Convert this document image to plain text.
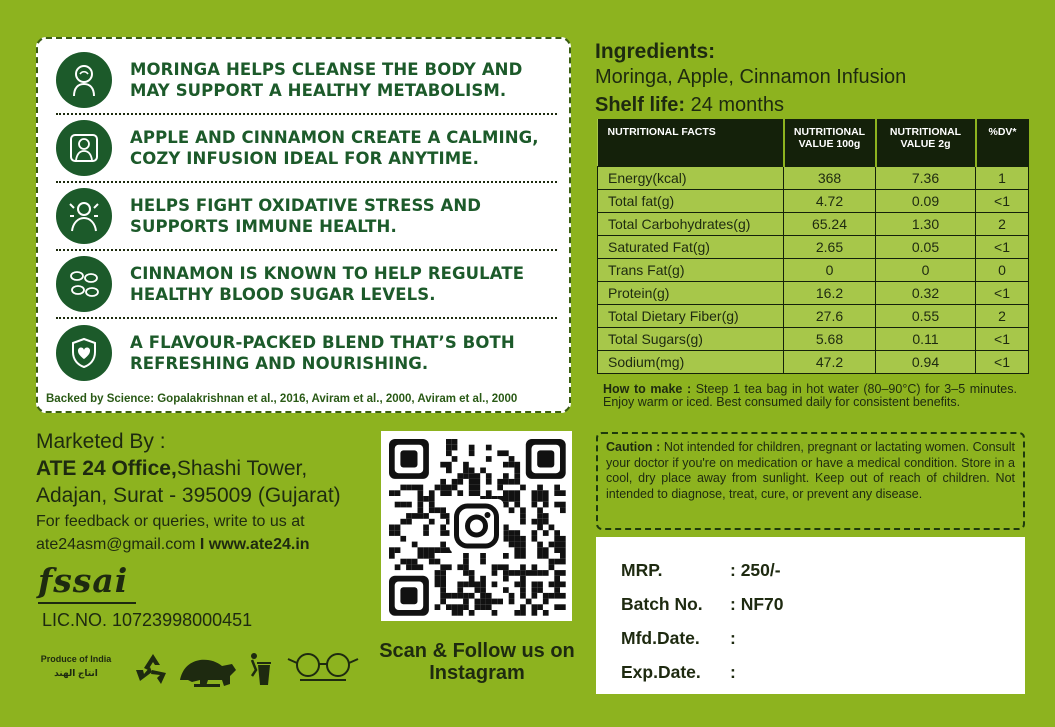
MORINGA HELPS CLEANSE THE BODY AND MAY SUPPORT A HEALTHY METABOLISM.
APPLE AND CINNAMON CREATE A CALMING, COZY INFUSION IDEAL FOR ANYTIME.
HELPS FIGHT OXIDATIVE STRESS AND SUPPORTS IMMUNE HEALTH.
CINNAMON IS KNOWN TO HELP REGULATE HEALTHY BLOOD SUGAR LEVELS.
A FLAVOUR-PACKED BLEND THAT’S BOTH REFRESHING AND NOURISHING.
Backed by Science: Gopalakrishnan et al., 2016, Aviram et al., 2000, Aviram et al., 2000
Ingredients:
Moringa, Apple, Cinnamon Infusion
Shelf life: 24 months
NUTRITIONAL FACTS	NUTRITIONAL VALUE 100g	NUTRITIONAL VALUE 2g	%DV*
Energy(kcal)	368	7.36	1
Total fat(g)	4.72	0.09	<1
Total Carbohydrates(g)	65.24	1.30	2
Saturated Fat(g)	2.65	0.05	<1
Trans Fat(g)	0	0	0
Protein(g)	16.2	0.32	<1
Total Dietary Fiber(g)	27.6	0.55	2
Total Sugars(g)	5.68	0.11	<1
Sodium(mg)	47.2	0.94	<1
How to make : Steep 1 tea bag in hot water (80–90°C) for 3–5 minutes. Enjoy warm or iced. Best consumed daily for consistent benefits.
Caution : Not intended for children, pregnant or lactating women. Consult your doctor if you're on medication or have a medical condition. Store in a cool, dry place away from sunlight. Keep out of reach of children. Not intended to diagnose, treat, cure, or prevent any disease.
MRP.	: 250/-
Batch No.	: NF70
Mfd.Date.	:
Exp.Date.	:
Marketed By :
ATE 24 Office,Shashi Tower,
Adajan, Surat - 395009 (Gujarat)
For feedback or queries, write to us at
ate24asm@gmail.com I www.ate24.in
fssai
LIC.NO. 10723998000451
Produce of India
انتاج الهند
Scan & Follow us on Instagram
